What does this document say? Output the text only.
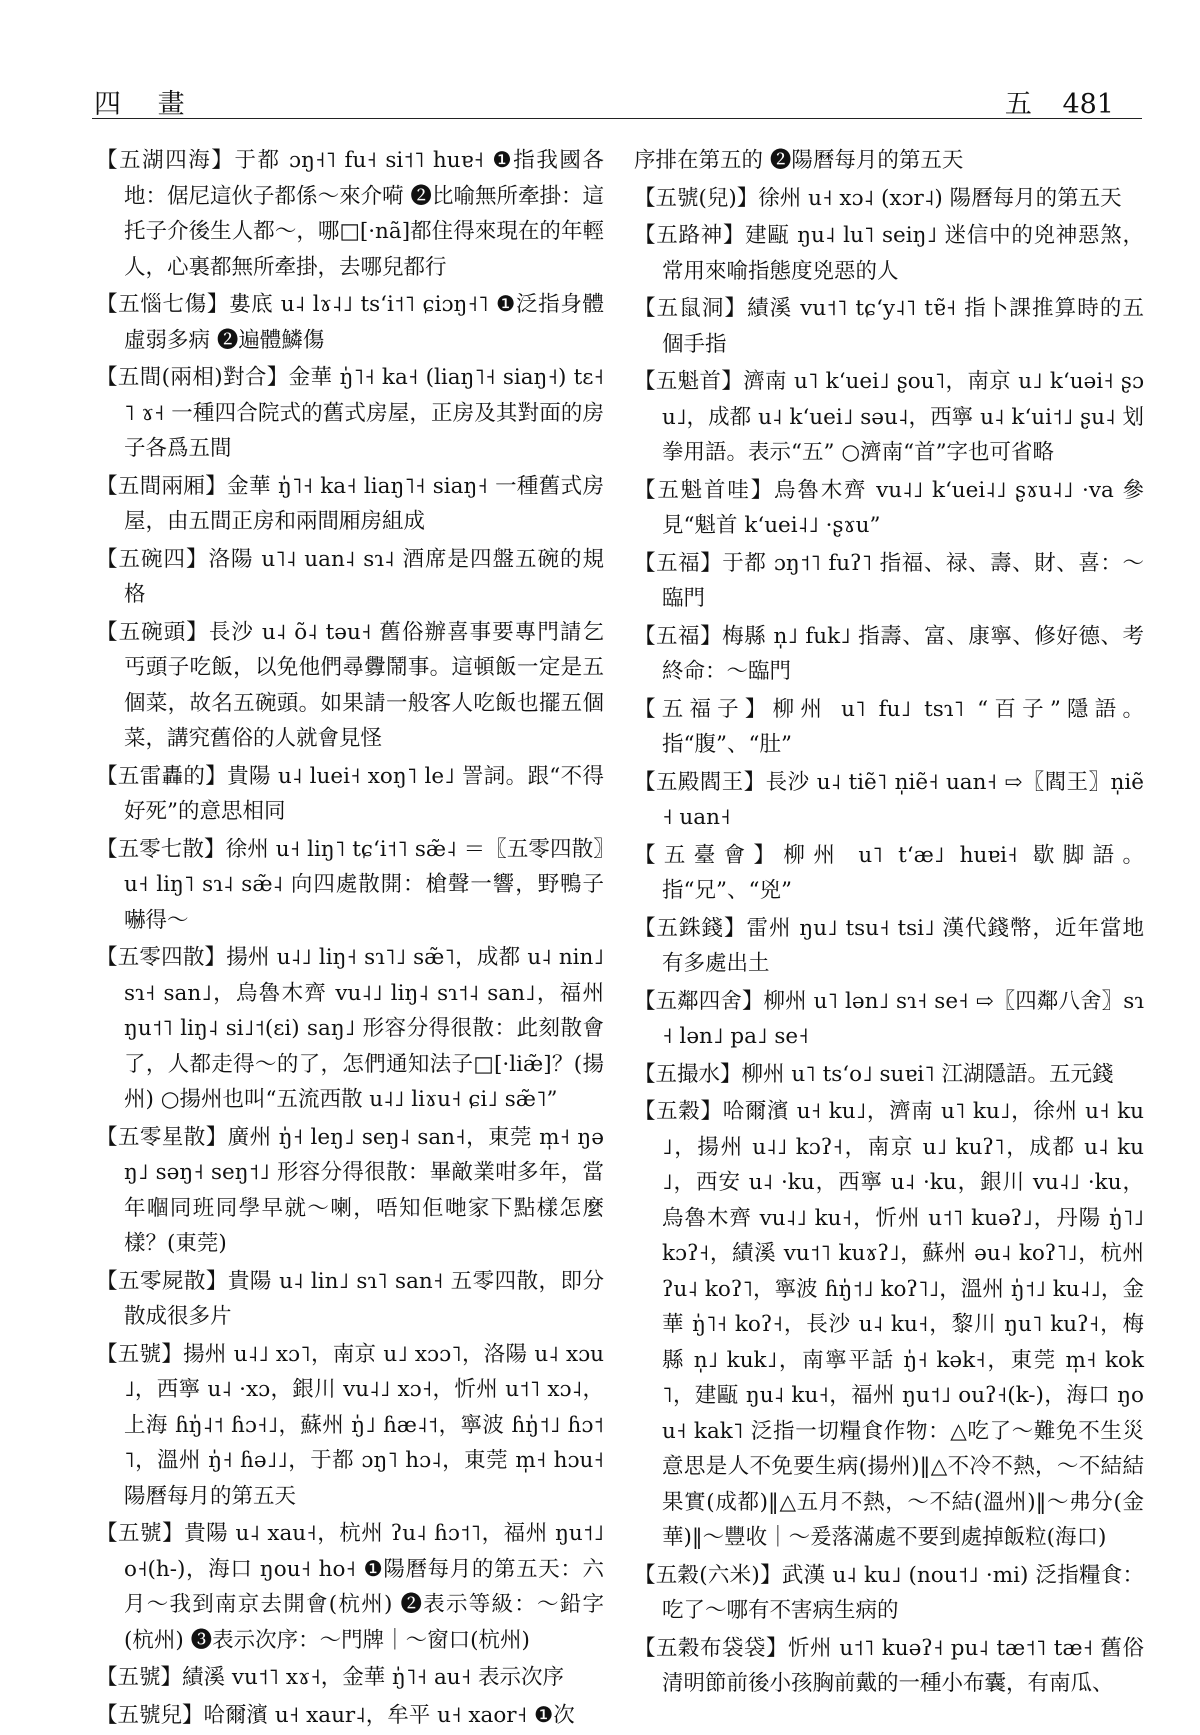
四 畫	五 481

【五湖四海】于都 ɔŋ˧˥ fu˧ si˦˥ huɐ˧ ❶指我國各地：倨尼這伙子都係～來介嗬 ❷比喻無所牽掛：這托子介後生人都～，哪□[·nã]都住得來現在的年輕人，心裏都無所牽掛，去哪兒都行

【五惱七傷】婁底 u˨ lɤ˨˩ tsʻi˦˥ ɕiɔŋ˧˥ ❶泛指身體虛弱多病 ❷遍體鱗傷

【五間(兩相)對合】金華 ŋ̍˥˧ ka˧ (liaŋ˥˧ siaŋ˧) tɛ˧˥ ɤ˧ 一種四合院式的舊式房屋，正房及其對面的房子各爲五間

【五間兩厢】金華 ŋ̍˥˧ ka˧ liaŋ˥˧ siaŋ˧ 一種舊式房屋，由五間正房和兩間厢房組成

【五碗四】洛陽 u˥˨ uan˨ sɿ˨ 酒席是四盤五碗的規格

【五碗頭】長沙 u˨ õ˨ təu˧ 舊俗辦喜事要專門請乞丐頭子吃飯，以免他們尋釁鬧事。這頓飯一定是五個菜，故名五碗頭。如果請一般客人吃飯也擺五個菜，講究舊俗的人就會見怪

【五雷轟的】貴陽 u˨ luei˧ xoŋ˥ le˩ 詈詞。跟“不得好死”的意思相同

【五零七散】徐州 u˧ liŋ˥ tɕʻi˦˥ sæ̃˨ ＝〖五零四散〗u˧ liŋ˥ sɿ˨ sæ̃˨ 向四處散開：槍聲一響，野鴨子嚇得～

【五零四散】揚州 u˨˩ liŋ˧ sɿ˥˩ sæ̃˥，成都 u˨ nin˩ sɿ˧ san˩，烏魯木齊 vu˨˩ liŋ˨ sɿ˦˨ san˩，福州 ŋu˦˥ liŋ˨ si˩˦(ɛi) saŋ˩ 形容分得很散：此刻散會了，人都走得～的了，怎們通知法子□[·liæ̃]？(揚州) ○揚州也叫“五流西散 u˨˩ liɤu˧ ɕi˩ sæ̃˥”

【五零星散】廣州 ŋ̍˧ leŋ˩ seŋ˨ san˧，東莞 m̩˧ ŋəŋ˩ səŋ˧ seŋ˦˩ 形容分得很散：畢敵業咁多年，當年嗰同班同學早就～喇，唔知佢哋家下點樣怎麼樣？(東莞)

【五零屍散】貴陽 u˨ lin˩ sɿ˥ san˧ 五零四散，即分散成很多片

【五號】揚州 u˨˩ xɔ˥，南京 u˩ xɔɔ˥，洛陽 u˨ xɔu˩，西寧 u˨ ·xɔ，銀川 vu˨˩ xɔ˧，忻州 u˦˥ xɔ˨，上海 ɦŋ̍˨˦ ɦɔ˧˩，蘇州 ŋ̍˩ ɦæ˨˦，寧波 ɦŋ̍˦˩ ɦɔ˦˥，溫州 ŋ̍˧ ɦə˩˩，于都 ɔŋ˥ hɔ˨，東莞 m̩˧ hɔu˧ 陽曆每月的第五天

【五號】貴陽 u˨ xau˧，杭州 ʔu˨ ɦɔ˦˥，福州 ŋu˦˩ o˧(h-)，海口 ŋou˧ ho˧ ❶陽曆每月的第五天：六月～我到南京去開會(杭州) ❷表示等級：～鉛字(杭州) ❸表示次序：～門牌｜～窗口(杭州)

【五號】績溪 vu˦˥ xɤ˧，金華 ŋ̍˥˧ au˧ 表示次序

【五號兒】哈爾濱 u˧ xaur˨，牟平 u˧ xaor˧ ❶次

序排在第五的 ❷陽曆每月的第五天

【五號(兒)】徐州 u˧ xɔ˨ (xɔr˨) 陽曆每月的第五天

【五路神】建甌 ŋu˨ lu˥ seiŋ˩ 迷信中的兇神惡煞，常用來喻指態度兇惡的人

【五鼠洞】績溪 vu˦˥ tɕʻy˨˥ tɐ̃˧ 指卜課推算時的五個手指

【五魁首】濟南 u˥ kʻuei˩ ʂou˥，南京 u˩ kʻuəi˧ ʂɔu˩，成都 u˨ kʻuei˩ səu˨，西寧 u˨ kʻui˦˩ ʂu˨ 划拳用語。表示“五” ○濟南“首”字也可省略

【五魁首哇】烏魯木齊 vu˨˩ kʻuei˨˩ ʂɤu˨˩ ·va 參見“魁首 kʻuei˨˩ ·ʂɤu”

【五福】于都 ɔŋ˦˥ fuʔ˥ 指福、禄、壽、財、喜：～臨門

【五福】梅縣 n̩˩ fuk˩ 指壽、富、康寧、修好德、考終命：～臨門

【五福子】柳州 u˥ fu˩ tsɿ˥ “百子”隱語。指“腹”、“肚”

【五殿閻王】長沙 u˨ tiẽ˥ n̩iẽ˧ uan˧ ⇨〖閻王〗n̩iẽ˧ uan˧

【五臺會】柳州 u˥ tʻæ˩ huɐi˧ 歇脚語。指“兄”、“兇”

【五銖錢】雷州 ŋu˩ tsu˧ tsi˩ 漢代錢幣，近年當地有多處出土

【五鄰四舍】柳州 u˥ lən˩ sɿ˧ se˧ ⇨〖四鄰八舍〗sɿ˧ lən˩ pa˩ se˧

【五撮水】柳州 u˥ tsʻo˩ suɐi˥ 江湖隱語。五元錢

【五穀】哈爾濱 u˧ ku˩，濟南 u˥ ku˩，徐州 u˧ ku˩，揚州 u˨˩ kɔʔ˧，南京 u˩ kuʔ˥，成都 u˨ ku˩，西安 u˨ ·ku，西寧 u˨ ·ku，銀川 vu˨˩ ·ku，烏魯木齊 vu˨˩ ku˧，忻州 u˦˥ kuəʔ˩，丹陽 ŋ̍˥˩ kɔʔ˧，績溪 vu˦˥ kuɤʔ˩，蘇州 əu˨ koʔ˥˩，杭州 ʔu˨ koʔ˥，寧波 ɦŋ̍˦˩ koʔ˥˩，溫州 ŋ̍˦˩ ku˨˩，金華 ŋ̍˥˧ koʔ˧，長沙 u˨ ku˧，黎川 ŋu˥ kuʔ˧，梅縣 n̩˩ kuk˩，南寧平話 ŋ̍˧ kək˧，東莞 m̩˧ kok˥，建甌 ŋu˨ ku˧，福州 ŋu˦˩ ouʔ˧(k-)，海口 ŋou˧ kak˥ 泛指一切糧食作物：△吃了～難免不生災意思是人不免要生病(揚州)‖△不冷不熱，～不結結果實(成都)‖△五月不熱，～不結(溫州)‖～弗分(金華)‖～豐收｜～爰落滿處不要到處掉飯粒(海口)

【五穀(六米)】武漢 u˨ ku˩ (nou˦˩ ·mi) 泛指糧食：吃了～哪有不害病生病的

【五穀布袋袋】忻州 u˦˥ kuəʔ˧ pu˨ tæ˦˥ tæ˧ 舊俗清明節前後小孩胸前戴的一種小布囊，有南瓜、
